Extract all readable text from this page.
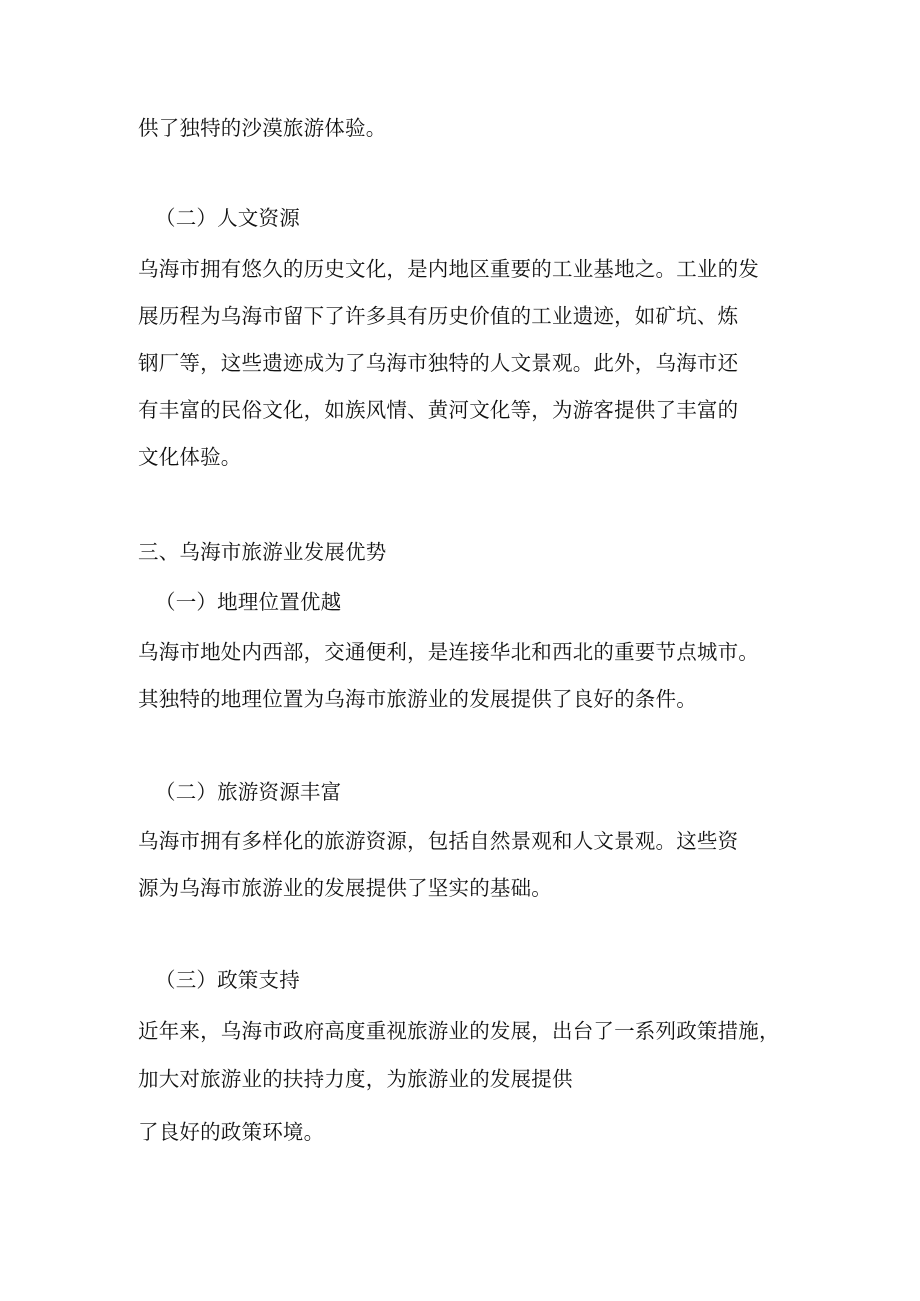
供了独特的沙漠旅游体验。
（二）人文资源
乌海市拥有悠久的历史文化，是内地区重要的工业基地之。工业的发
展历程为乌海市留下了许多具有历史价值的工业遗迹，如矿坑、炼
钢厂等，这些遗迹成为了乌海市独特的人文景观。此外，乌海市还
有丰富的民俗文化，如族风情、黄河文化等，为游客提供了丰富的
文化体验。
三、乌海市旅游业发展优势
（一）地理位置优越
乌海市地处内西部，交通便利，是连接华北和西北的重要节点城市。
其独特的地理位置为乌海市旅游业的发展提供了良好的条件。
（二）旅游资源丰富
乌海市拥有多样化的旅游资源，包括自然景观和人文景观。这些资
源为乌海市旅游业的发展提供了坚实的基础。
（三）政策支持
近年来，乌海市政府高度重视旅游业的发展，出台了一系列政策措施，
加大对旅游业的扶持力度，为旅游业的发展提供
了良好的政策环境。
